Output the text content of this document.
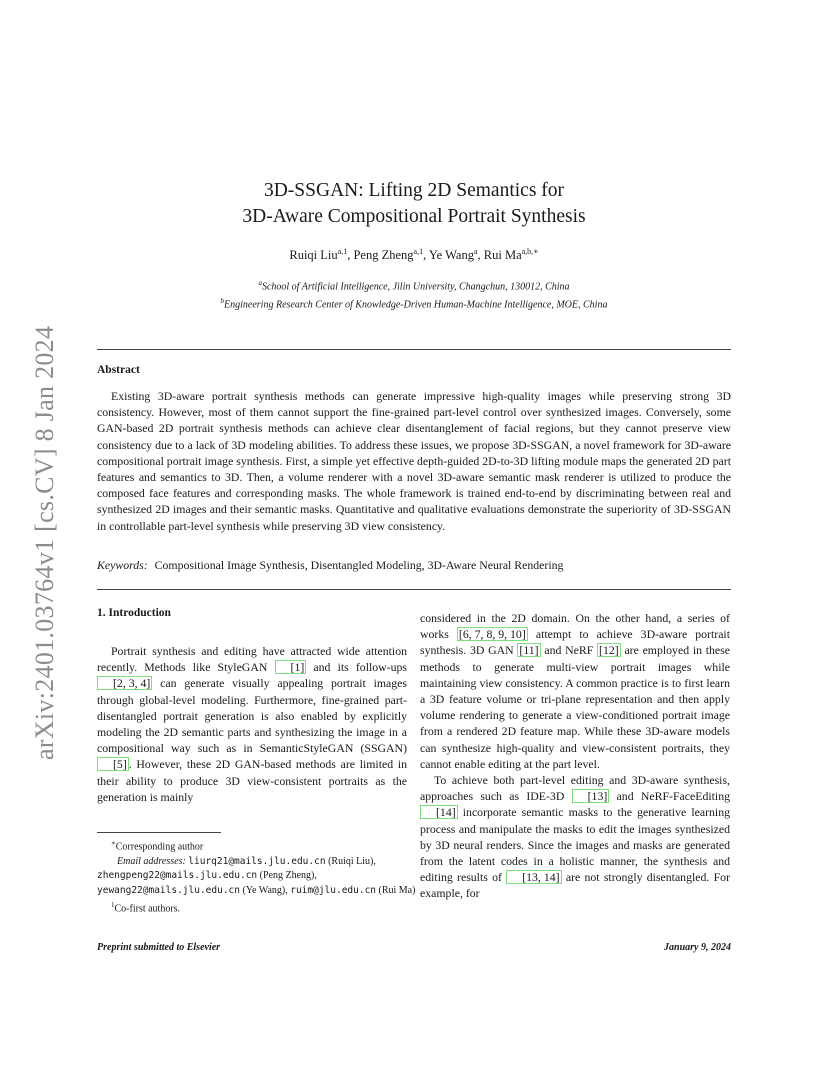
arXiv:2401.03764v1 [cs.CV] 8 Jan 2024
3D-SSGAN: Lifting 2D Semantics for
3D-Aware Compositional Portrait Synthesis
Ruiqi Liu$^{a,1}$, Peng Zheng$^{a,1}$, Ye Wang$^a$, Rui $Ma^{a,b,∗}$
$^a$School of Artificial Intelligence, Jilin University, Changchun, 130012, China
$^b$Engineering Research Center of Knowledge-Driven Human-Machine Intelligence, MOE, China
Abstract

Existing 3D-aware portrait synthesis methods can generate impressive high-quality images while preserving strong 3D consistency. However, most of them cannot support the fine-grained part-level control over synthesized images. Conversely, some GAN-based 2D portrait synthesis methods can achieve clear disentanglement of facial regions, but they cannot preserve view consistency due to a lack of 3D modeling abilities. To address these issues, we propose 3D-SSGAN, a novel framework for 3D-aware compositional portrait image synthesis. First, a simple yet effective depth-guided 2D-to-3D lifting module maps the generated 2D part features and semantics to 3D. Then, a volume renderer with a novel 3D-aware semantic mask renderer is utilized to produce the composed face features and corresponding masks. The whole framework is trained end-to-end by discriminating between real and synthesized 2D images and their semantic masks. Quantitative and qualitative evaluations demonstrate the superiority of 3D-SSGAN in controllable part-level synthesis while preserving 3D view consistency.

Keywords: Compositional Image Synthesis, Disentangled Modeling, 3D-Aware Neural Rendering
1. Introduction

Portrait synthesis and editing have attracted wide attention recently. Methods like StyleGAN [1] and its follow-ups [2, 3, 4] can generate visually appealing portrait images through global-level modeling. Furthermore, fine-grained part-disentangled portrait generation is also enabled by explicitly modeling the 2D semantic parts and synthesizing the image in a compositional way such as in SemanticStyleGAN (SSGAN) [5] . However, these 2D GAN-based methods are limited in their ability to produce 3D view-consistent portraits as the generation is mainly

considered in the 2D domain. On the other hand, a series of works [6, 7, 8, 9, 10] attempt to achieve 3D-aware portrait synthesis. 3D GAN [11] and NeRF [12] are employed in these methods to generate multi-view portrait images while maintaining view consistency. A common practice is to first learn a 3D feature volume or tri-plane representation and then apply volume rendering to generate a view-conditioned portrait image from a rendered 2D feature map. While these 3D-aware models can synthesize high-quality and view-consistent portraits, they cannot enable editing at the part level.

To achieve both part-level editing and 3D-aware synthesis, approaches such as IDE-3D [13] and NeRF-FaceEditing [14] incorporate semantic masks to the generative learning process and manipulate the masks to edit the images synthesized by 3D neural renders. Since the images and masks are generated from the latent codes in a holistic manner, the synthesis and editing results of [13, 14] are not strongly disentangled. For example, for

∗Corresponding author
Email addresses: liurq21@mails.jlu.edu.cn (Ruiqi Liu), zhengpeng22@mails.jlu.edu.cn (Peng Zheng), yewang22@mails.jlu.edu.cn (Ye Wang), ruim@jlu.edu.cn (Rui Ma)
$^1$Co-first authors.
Preprint submitted to Elsevier	January 9, 2024
